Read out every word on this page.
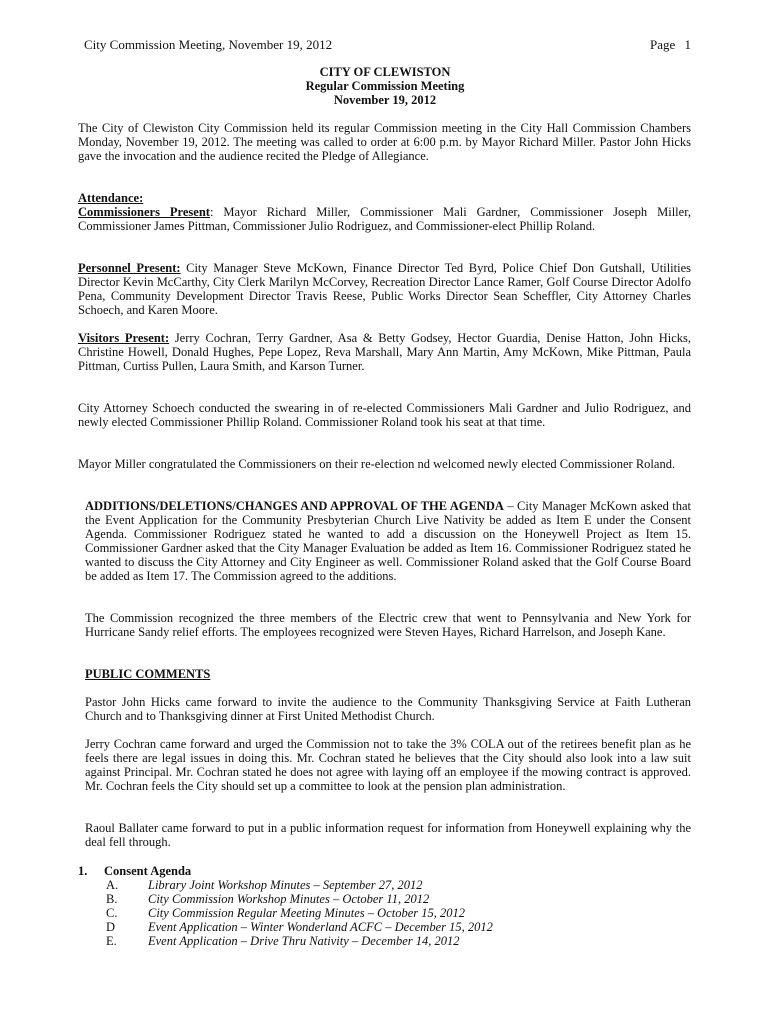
City Commission Meeting, November 19, 2012	Page 1
CITY OF CLEWISTON
Regular Commission Meeting
November 19, 2012
The City of Clewiston City Commission held its regular Commission meeting in the City Hall Commission Chambers Monday, November 19, 2012. The meeting was called to order at 6:00 p.m. by Mayor Richard Miller. Pastor John Hicks gave the invocation and the audience recited the Pledge of Allegiance.
Attendance:
Commissioners Present: Mayor Richard Miller, Commissioner Mali Gardner, Commissioner Joseph Miller, Commissioner James Pittman, Commissioner Julio Rodriguez, and Commissioner-elect Phillip Roland.
Personnel Present: City Manager Steve McKown, Finance Director Ted Byrd, Police Chief Don Gutshall, Utilities Director Kevin McCarthy, City Clerk Marilyn McCorvey, Recreation Director Lance Ramer, Golf Course Director Adolfo Pena, Community Development Director Travis Reese, Public Works Director Sean Scheffler, City Attorney Charles Schoech, and Karen Moore.
Visitors Present: Jerry Cochran, Terry Gardner, Asa & Betty Godsey, Hector Guardia, Denise Hatton, John Hicks, Christine Howell, Donald Hughes, Pepe Lopez, Reva Marshall, Mary Ann Martin, Amy McKown, Mike Pittman, Paula Pittman, Curtiss Pullen, Laura Smith, and Karson Turner.
City Attorney Schoech conducted the swearing in of re-elected Commissioners Mali Gardner and Julio Rodriguez, and newly elected Commissioner Phillip Roland. Commissioner Roland took his seat at that time.
Mayor Miller congratulated the Commissioners on their re-election nd welcomed newly elected Commissioner Roland.
ADDITIONS/DELETIONS/CHANGES AND APPROVAL OF THE AGENDA – City Manager McKown asked that the Event Application for the Community Presbyterian Church Live Nativity be added as Item E under the Consent Agenda. Commissioner Rodriguez stated he wanted to add a discussion on the Honeywell Project as Item 15. Commissioner Gardner asked that the City Manager Evaluation be added as Item 16. Commissioner Rodriguez stated he wanted to discuss the City Attorney and City Engineer as well. Commissioner Roland asked that the Golf Course Board be added as Item 17. The Commission agreed to the additions.
The Commission recognized the three members of the Electric crew that went to Pennsylvania and New York for Hurricane Sandy relief efforts. The employees recognized were Steven Hayes, Richard Harrelson, and Joseph Kane.
PUBLIC COMMENTS
Pastor John Hicks came forward to invite the audience to the Community Thanksgiving Service at Faith Lutheran Church and to Thanksgiving dinner at First United Methodist Church.
Jerry Cochran came forward and urged the Commission not to take the 3% COLA out of the retirees benefit plan as he feels there are legal issues in doing this. Mr. Cochran stated he believes that the City should also look into a law suit against Principal. Mr. Cochran stated he does not agree with laying off an employee if the mowing contract is approved. Mr. Cochran feels the City should set up a committee to look at the pension plan administration.
Raoul Ballater came forward to put in a public information request for information from Honeywell explaining why the deal fell through.
1.	Consent Agenda
A.	Library Joint Workshop Minutes – September 27, 2012
B.	City Commission Workshop Minutes – October 11, 2012
C.	City Commission Regular Meeting Minutes – October 15, 2012
D	Event Application – Winter Wonderland ACFC – December 15, 2012
E.	Event Application – Drive Thru Nativity – December 14, 2012
